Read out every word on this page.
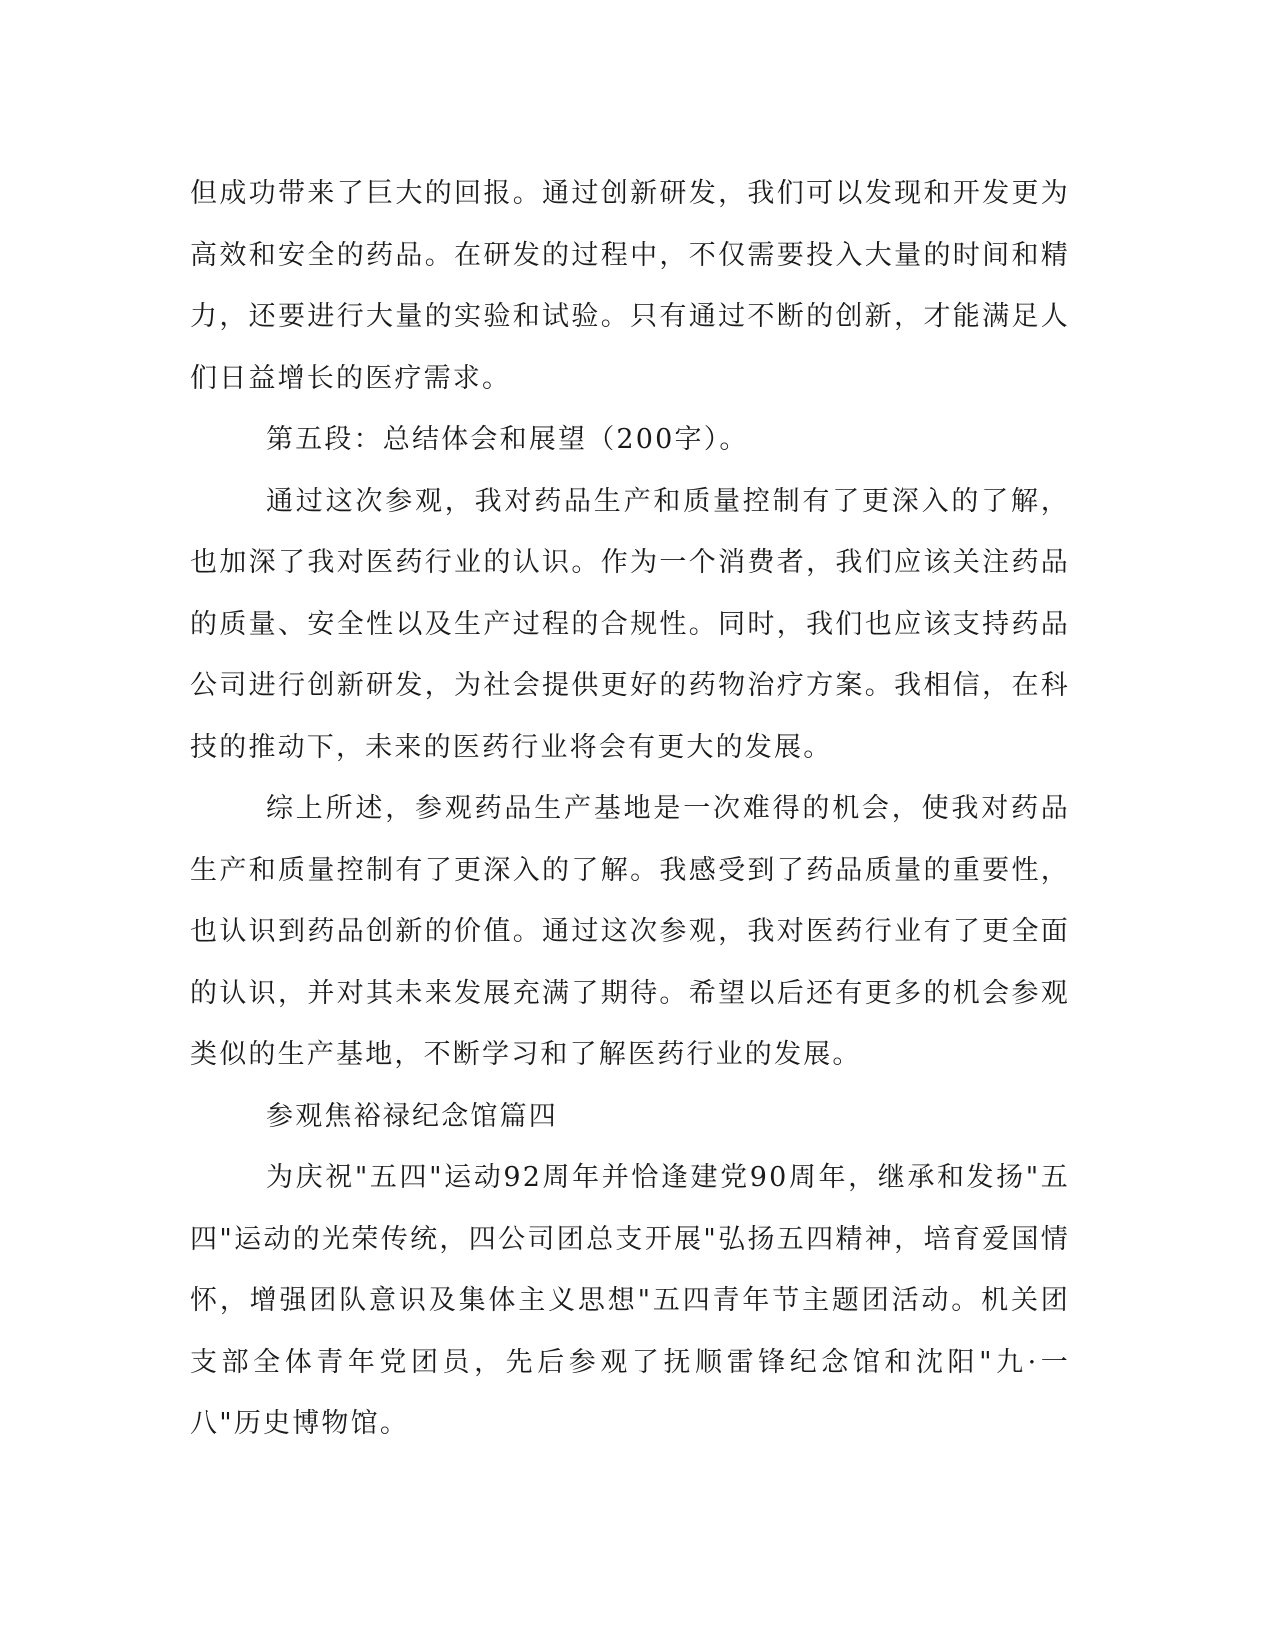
但成功带来了巨大的回报。通过创新研发，我们可以发现和开发更为高效和安全的药品。在研发的过程中，不仅需要投入大量的时间和精力，还要进行大量的实验和试验。只有通过不断的创新，才能满足人们日益增长的医疗需求。

第五段：总结体会和展望（200字）。

通过这次参观，我对药品生产和质量控制有了更深入的了解，也加深了我对医药行业的认识。作为一个消费者，我们应该关注药品的质量、安全性以及生产过程的合规性。同时，我们也应该支持药品公司进行创新研发，为社会提供更好的药物治疗方案。我相信，在科技的推动下，未来的医药行业将会有更大的发展。

综上所述，参观药品生产基地是一次难得的机会，使我对药品生产和质量控制有了更深入的了解。我感受到了药品质量的重要性，也认识到药品创新的价值。通过这次参观，我对医药行业有了更全面的认识，并对其未来发展充满了期待。希望以后还有更多的机会参观类似的生产基地，不断学习和了解医药行业的发展。

参观焦裕禄纪念馆篇四

为庆祝"五四"运动92周年并恰逢建党90周年，继承和发扬"五四"运动的光荣传统，四公司团总支开展"弘扬五四精神，培育爱国情怀，增强团队意识及集体主义思想"五四青年节主题团活动。机关团支部全体青年党团员，先后参观了抚顺雷锋纪念馆和沈阳"九·一八"历史博物馆。
